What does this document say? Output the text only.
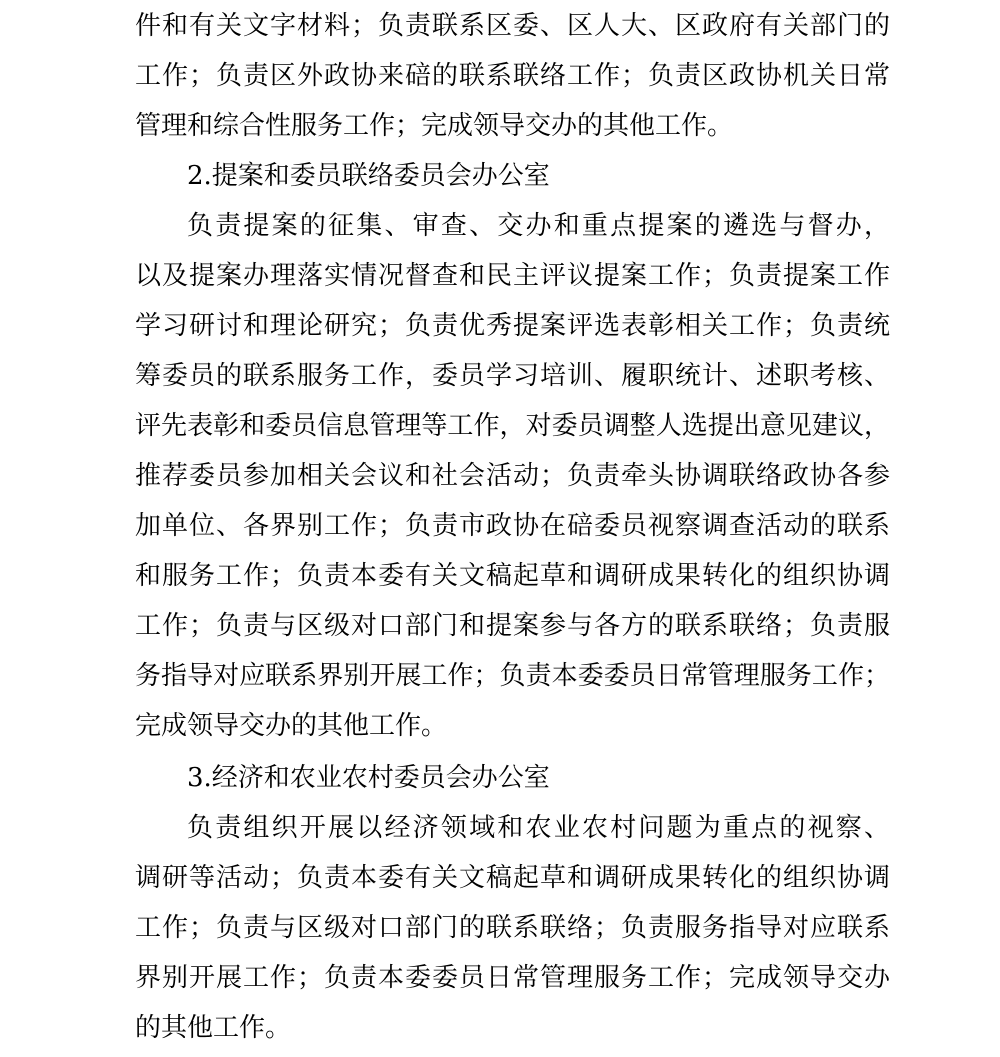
件和有关文字材料；负责联系区委、区人大、区政府有关部门的
工作；负责区外政协来碚的联系联络工作；负责区政协机关日常
管理和综合性服务工作；完成领导交办的其他工作。
2.提案和委员联络委员会办公室
负责提案的征集、审查、交办和重点提案的遴选与督办，
以及提案办理落实情况督查和民主评议提案工作；负责提案工作
学习研讨和理论研究；负责优秀提案评选表彰相关工作；负责统
筹委员的联系服务工作，委员学习培训、履职统计、述职考核、
评先表彰和委员信息管理等工作，对委员调整人选提出意见建议，
推荐委员参加相关会议和社会活动；负责牵头协调联络政协各参
加单位、各界别工作；负责市政协在碚委员视察调查活动的联系
和服务工作；负责本委有关文稿起草和调研成果转化的组织协调
工作；负责与区级对口部门和提案参与各方的联系联络；负责服
务指导对应联系界别开展工作；负责本委委员日常管理服务工作；
完成领导交办的其他工作。
3.经济和农业农村委员会办公室
负责组织开展以经济领域和农业农村问题为重点的视察、
调研等活动；负责本委有关文稿起草和调研成果转化的组织协调
工作；负责与区级对口部门的联系联络；负责服务指导对应联系
界别开展工作；负责本委委员日常管理服务工作；完成领导交办
的其他工作。
